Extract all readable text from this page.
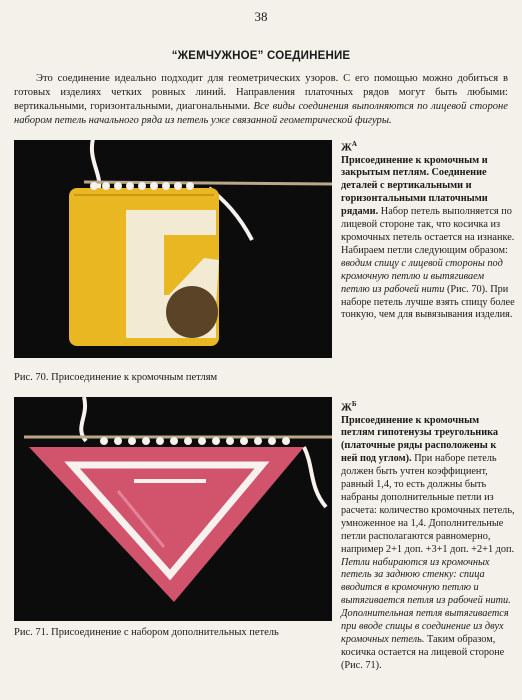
38
“ЖЕМЧУЖНОЕ” СОЕДИНЕНИЕ

Это соединение идеально подходит для геометрических узоров. С его помощью можно добиться в готовых изделиях четких ровных линий. Направления платочных рядов могут быть любыми: вертикальными, горизонтальными, диагональными. Все виды соединения выполняются по лицевой стороне набором петель начального ряда из петель уже связанной геометрической фигуры.

Рис. 70. Присоединение к кромочным петлям
Рис. 71. Присоединение с набором дополнительных петель
$Ж^А$

Присоединение к кромочным и закрытым петлям. Соединение деталей с вертикальными и горизонтальными платочными рядами. Набор петель выполняется по лицевой стороне так, что косичка из кромочных петель остается на изнанке. Набираем петли следующим образом: вводим спицу с лицевой стороны под кромочную петлю и вытягиваем петлю из рабочей нити (Рис. 70). При наборе петель лучше взять спицу более тонкую, чем для вывязывания изделия.

$Ж^Б$

Присоединение к кромочным петлям гипотенузы треугольника (платочные ряды расположены к ней под углом). При наборе петель должен быть учтен коэффициент, равный 1,4, то есть должны быть набраны дополнительные петли из расчета: количество кромочных петель, умноженное на 1,4. Дополнительные петли располагаются равномерно, например 2+1 доп. +3+1 доп. +2+1 доп. Петли набираются из кромочных петель за заднюю стенку: спица вводится в кромочную петлю и вытягивается петля из рабочей нити. Дополнительная петля вытягивается при вводе спицы в соединение из двух кромочных петель. Таким образом, косичка остается на лицевой стороне (Рис. 71).
